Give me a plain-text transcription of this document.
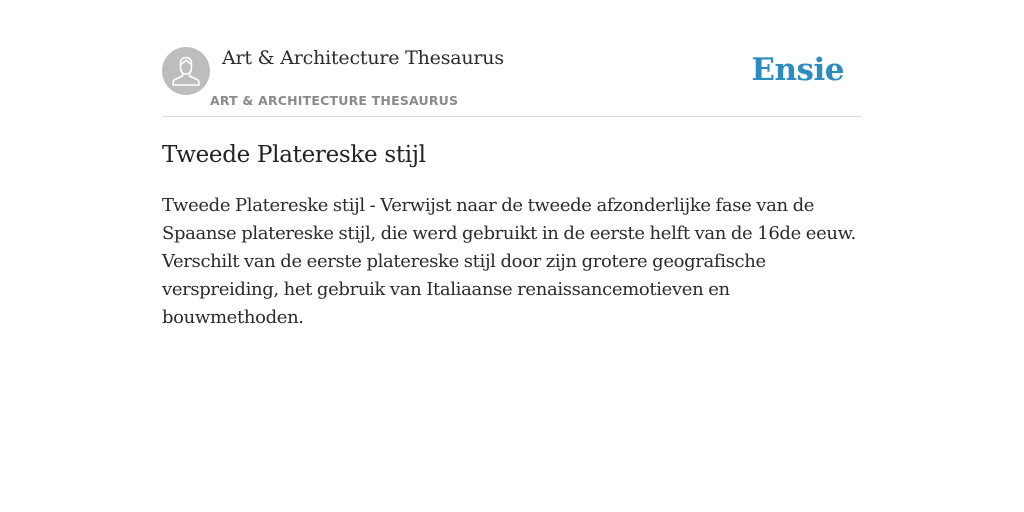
Art & Architecture Thesaurus
ART & ARCHITECTURE THESAURUS
Ensie
Tweede Platereske stijl

Tweede Platereske stijl - Verwijst naar de tweede afzonderlijke fase van de Spaanse platereske stijl, die werd gebruikt in de eerste helft van de 16de eeuw. Verschilt van de eerste platereske stijl door zijn grotere geografische verspreiding, het gebruik van Italiaanse renaissancemotieven en bouwmethoden.
